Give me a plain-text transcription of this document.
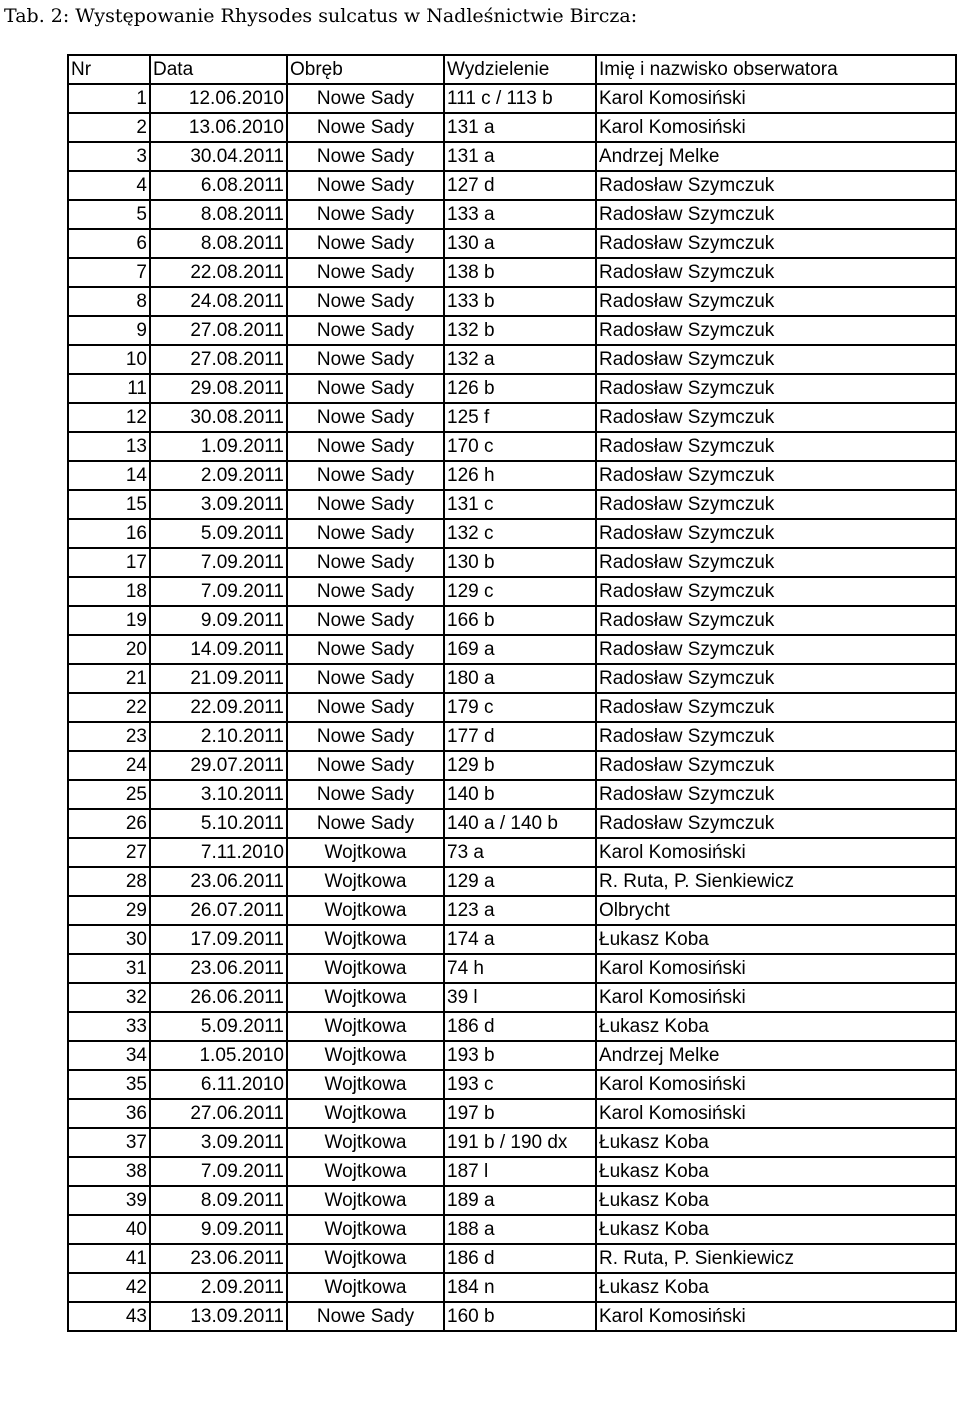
Tab. 2: Występowanie Rhysodes sulcatus w Nadleśnictwie Bircza:
Nr	Data	Obręb	Wydzielenie	Imię i nazwisko obserwatora
1	12.06.2010	Nowe Sady	111 c / 113 b	Karol Komosiński
2	13.06.2010	Nowe Sady	131 a	Karol Komosiński
3	30.04.2011	Nowe Sady	131 a	Andrzej Melke
4	6.08.2011	Nowe Sady	127 d	Radosław Szymczuk
5	8.08.2011	Nowe Sady	133 a	Radosław Szymczuk
6	8.08.2011	Nowe Sady	130 a	Radosław Szymczuk
7	22.08.2011	Nowe Sady	138 b	Radosław Szymczuk
8	24.08.2011	Nowe Sady	133 b	Radosław Szymczuk
9	27.08.2011	Nowe Sady	132 b	Radosław Szymczuk
10	27.08.2011	Nowe Sady	132 a	Radosław Szymczuk
11	29.08.2011	Nowe Sady	126 b	Radosław Szymczuk
12	30.08.2011	Nowe Sady	125 f	Radosław Szymczuk
13	1.09.2011	Nowe Sady	170 c	Radosław Szymczuk
14	2.09.2011	Nowe Sady	126 h	Radosław Szymczuk
15	3.09.2011	Nowe Sady	131 c	Radosław Szymczuk
16	5.09.2011	Nowe Sady	132 c	Radosław Szymczuk
17	7.09.2011	Nowe Sady	130 b	Radosław Szymczuk
18	7.09.2011	Nowe Sady	129 c	Radosław Szymczuk
19	9.09.2011	Nowe Sady	166 b	Radosław Szymczuk
20	14.09.2011	Nowe Sady	169 a	Radosław Szymczuk
21	21.09.2011	Nowe Sady	180 a	Radosław Szymczuk
22	22.09.2011	Nowe Sady	179 c	Radosław Szymczuk
23	2.10.2011	Nowe Sady	177 d	Radosław Szymczuk
24	29.07.2011	Nowe Sady	129 b	Radosław Szymczuk
25	3.10.2011	Nowe Sady	140 b	Radosław Szymczuk
26	5.10.2011	Nowe Sady	140 a / 140 b	Radosław Szymczuk
27	7.11.2010	Wojtkowa	73 a	Karol Komosiński
28	23.06.2011	Wojtkowa	129 a	R. Ruta, P. Sienkiewicz
29	26.07.2011	Wojtkowa	123 a	Olbrycht
30	17.09.2011	Wojtkowa	174 a	Łukasz Koba
31	23.06.2011	Wojtkowa	74 h	Karol Komosiński
32	26.06.2011	Wojtkowa	39 l	Karol Komosiński
33	5.09.2011	Wojtkowa	186 d	Łukasz Koba
34	1.05.2010	Wojtkowa	193 b	Andrzej Melke
35	6.11.2010	Wojtkowa	193 c	Karol Komosiński
36	27.06.2011	Wojtkowa	197 b	Karol Komosiński
37	3.09.2011	Wojtkowa	191 b / 190 dx	Łukasz Koba
38	7.09.2011	Wojtkowa	187 l	Łukasz Koba
39	8.09.2011	Wojtkowa	189 a	Łukasz Koba
40	9.09.2011	Wojtkowa	188 a	Łukasz Koba
41	23.06.2011	Wojtkowa	186 d	R. Ruta, P. Sienkiewicz
42	2.09.2011	Wojtkowa	184 n	Łukasz Koba
43	13.09.2011	Nowe Sady	160 b	Karol Komosiński
